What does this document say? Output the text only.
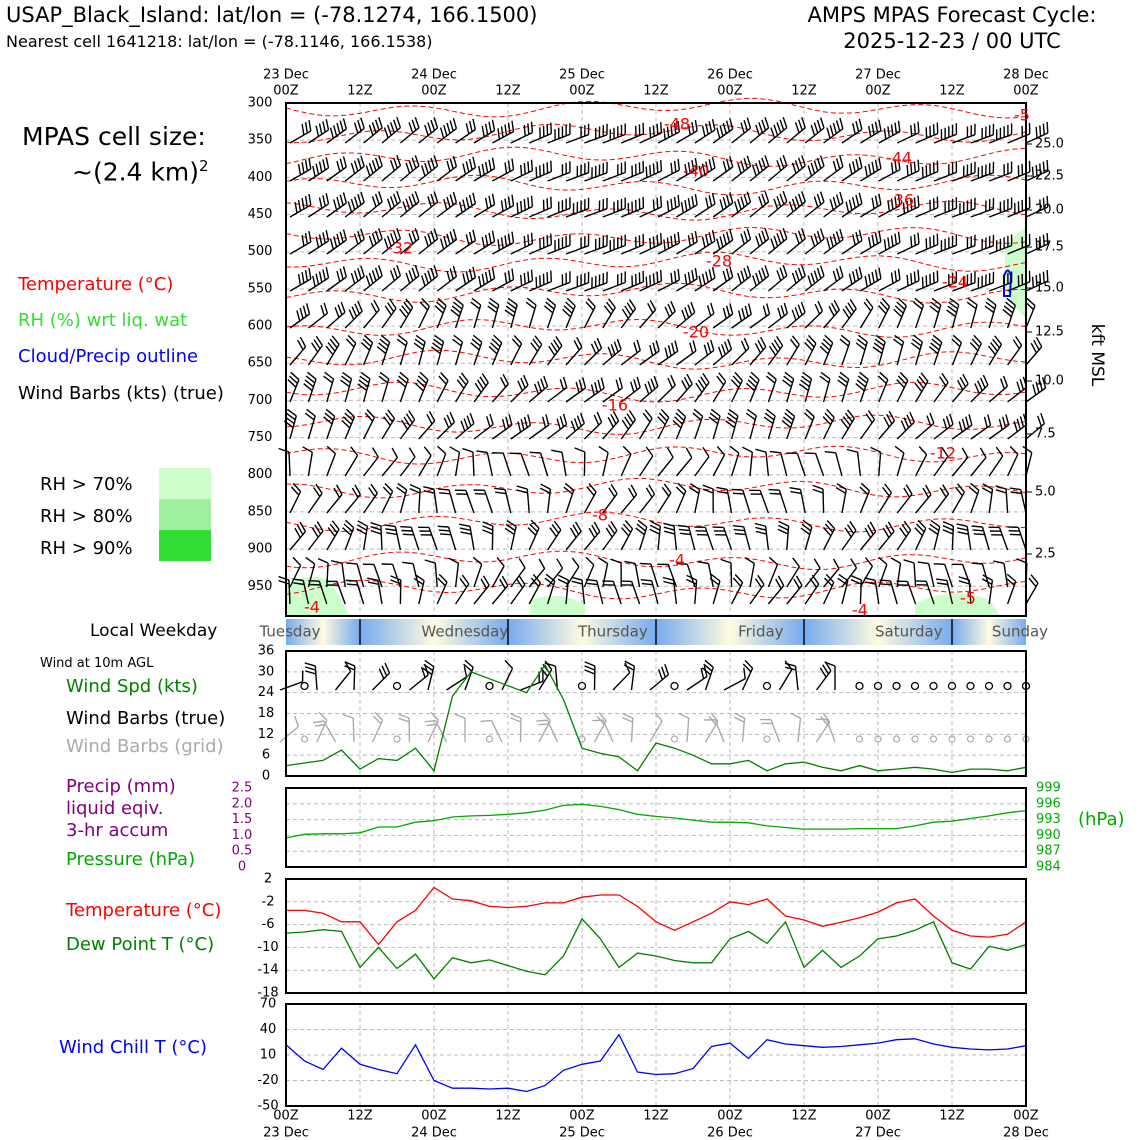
USAP_Black_Island: lat/lon = (-78.1274, 166.1500)
Nearest cell 1641218: lat/lon = (-78.1146, 166.1538)
AMPS MPAS Forecast Cycle:
2025-12-23 / 00 UTC
MPAS cell size:
~(2.4 km)$^2$
Temperature (°C)
RH (%) wrt liq. wat
Cloud/Precip outline
Wind Barbs (kts) (true)
RH > 70%
RH > 80%
RH > 90%
Local Weekday
Wind at 10m AGL
Wind Spd (kts)
Wind Barbs (true)
Wind Barbs (grid)
Precip (mm)
liquid eqiv.
3-hr accum
Pressure (hPa)
Temperature (°C)
Dew Point T (°C)
Wind Chill T (°C)
300
350
400
450
500
550
600
650
700
750
800
850
900
950
25.0
22.5
20.0
17.5
15.0
12.5
10.0
7.5
5.0
2.5
kft MSL
-48
-44
-40
-36
-32
-28
-24
-20
-16
-12
-8
-4
-4	-4
-5
-5
00Z
00Z
12Z
12Z
00Z
00Z
12Z
12Z
00Z
00Z
12Z
12Z
00Z
00Z
12Z
12Z
00Z
00Z
12Z
12Z
00Z
00Z
23 Dec
23 Dec
24 Dec
24 Dec
25 Dec
25 Dec
26 Dec
26 Dec
27 Dec
27 Dec
28 Dec
28 Dec
Tuesday	Wednesday	Thursday	Friday	Saturday	Sunday
0
6
12
18
24
30
36
0
0.5
1.0
1.5
2.0
2.5
984
987
990
993
996
999
(hPa)
-18
-14
-10
-6
-2
2
-50
-20
10
40
70
